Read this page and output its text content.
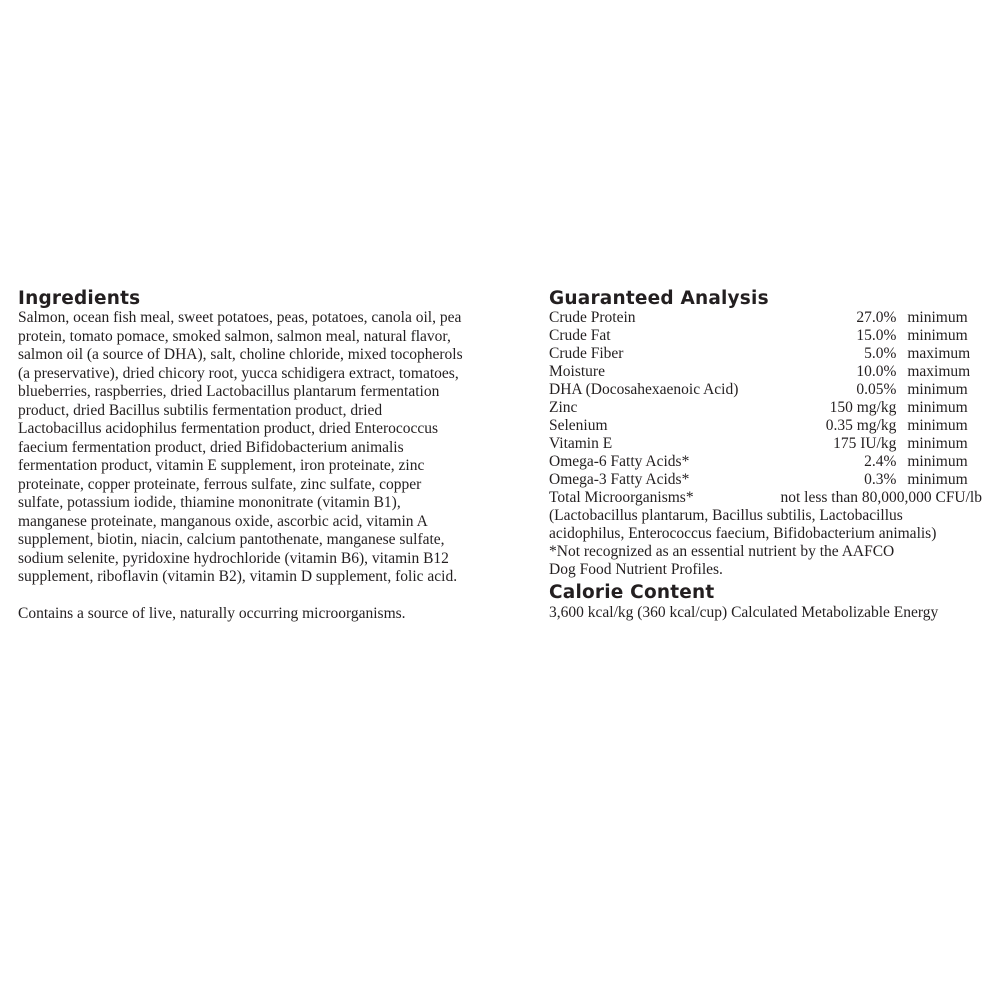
Ingredients
Salmon, ocean fish meal, sweet potatoes, peas, potatoes, canola oil, pea
protein, tomato pomace, smoked salmon, salmon meal, natural flavor,
salmon oil (a source of DHA), salt, choline chloride, mixed tocopherols
(a preservative), dried chicory root, yucca schidigera extract, tomatoes,
blueberries, raspberries, dried Lactobacillus plantarum fermentation
product, dried Bacillus subtilis fermentation product, dried
Lactobacillus acidophilus fermentation product, dried Enterococcus
faecium fermentation product, dried Bifidobacterium animalis
fermentation product, vitamin E supplement, iron proteinate, zinc
proteinate, copper proteinate, ferrous sulfate, zinc sulfate, copper
sulfate, potassium iodide, thiamine mononitrate (vitamin B1),
manganese proteinate, manganous oxide, ascorbic acid, vitamin A
supplement, biotin, niacin, calcium pantothenate, manganese sulfate,
sodium selenite, pyridoxine hydrochloride (vitamin B6), vitamin B12
supplement, riboflavin (vitamin B2), vitamin D supplement, folic acid.
Contains a source of live, naturally occurring microorganisms.
Guaranteed Analysis
Crude Protein	27.0% minimum
Crude Fat	15.0% minimum
Crude Fiber	5.0% maximum
Moisture	10.0% maximum
DHA (Docosahexaenoic Acid)	0.05% minimum
Zinc	150 mg/kg minimum
Selenium	0.35 mg/kg minimum
Vitamin E	175 IU/kg minimum
Omega-6 Fatty Acids*	2.4% minimum
Omega-3 Fatty Acids*	0.3% minimum
Total Microorganisms*	not less than 80,000,000 CFU/lb
(Lactobacillus plantarum, Bacillus subtilis, Lactobacillus
acidophilus, Enterococcus faecium, Bifidobacterium animalis)
*Not recognized as an essential nutrient by the AAFCO
Dog Food Nutrient Profiles.
Calorie Content
3,600 kcal/kg (360 kcal/cup) Calculated Metabolizable Energy
